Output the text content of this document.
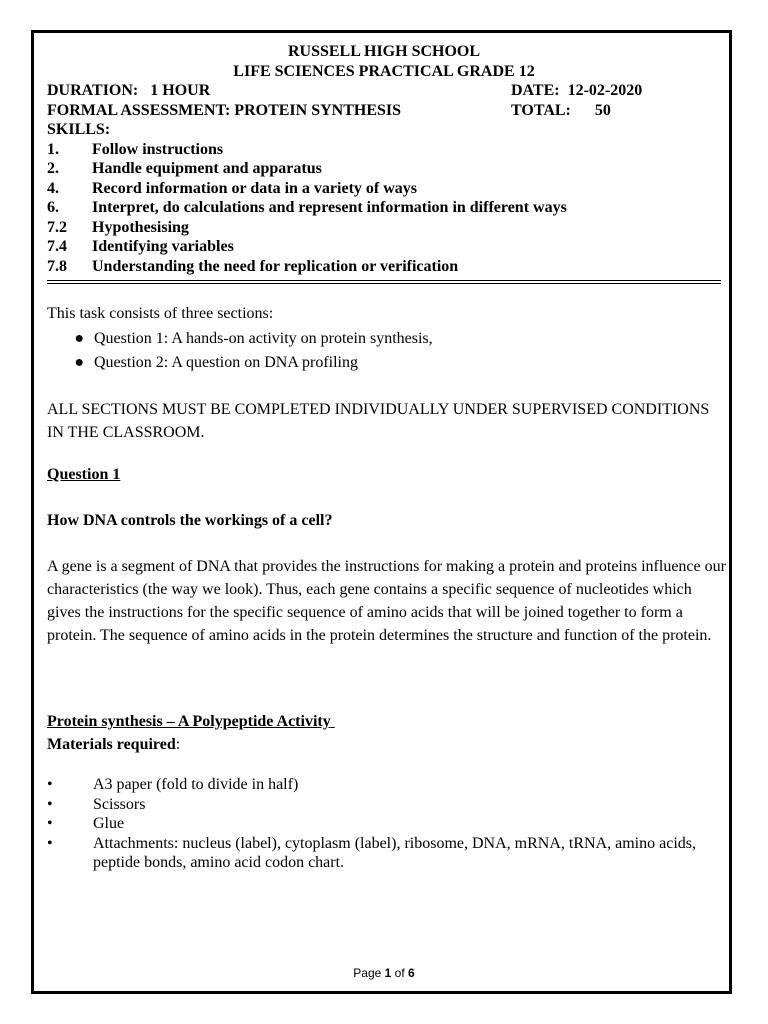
RUSSELL HIGH SCHOOL
LIFE SCIENCES PRACTICAL GRADE 12
DURATION:   1 HOUR	DATE:  12-02-2020
FORMAL ASSESSMENT: PROTEIN SYNTHESIS	TOTAL:      50
SKILLS:
1.	Follow instructions
2.	Handle equipment and apparatus
4.	Record information or data in a variety of ways
6.	Interpret, do calculations and represent information in different ways
7.2	Hypothesising
7.4	Identifying variables
7.8	Understanding the need for replication or verification
This task consists of three sections:
● Question 1: A hands-on activity on protein synthesis,
● Question 2: A question on DNA profiling
ALL SECTIONS MUST BE COMPLETED INDIVIDUALLY UNDER SUPERVISED CONDITIONS IN THE CLASSROOM.
Question 1
How DNA controls the workings of a cell?
A gene is a segment of DNA that provides the instructions for making a protein and proteins influence our characteristics (the way we look). Thus, each gene contains a specific sequence of nucleotides which gives the instructions for the specific sequence of amino acids that will be joined together to form a protein. The sequence of amino acids in the protein determines the structure and function of the protein.
Protein synthesis – A Polypeptide Activity
Materials required:
•	A3 paper (fold to divide in half)
•	Scissors
•	Glue
•	Attachments: nucleus (label), cytoplasm (label), ribosome, DNA, mRNA, tRNA, amino acids, peptide bonds, amino acid codon chart.
Page 1 of 6
